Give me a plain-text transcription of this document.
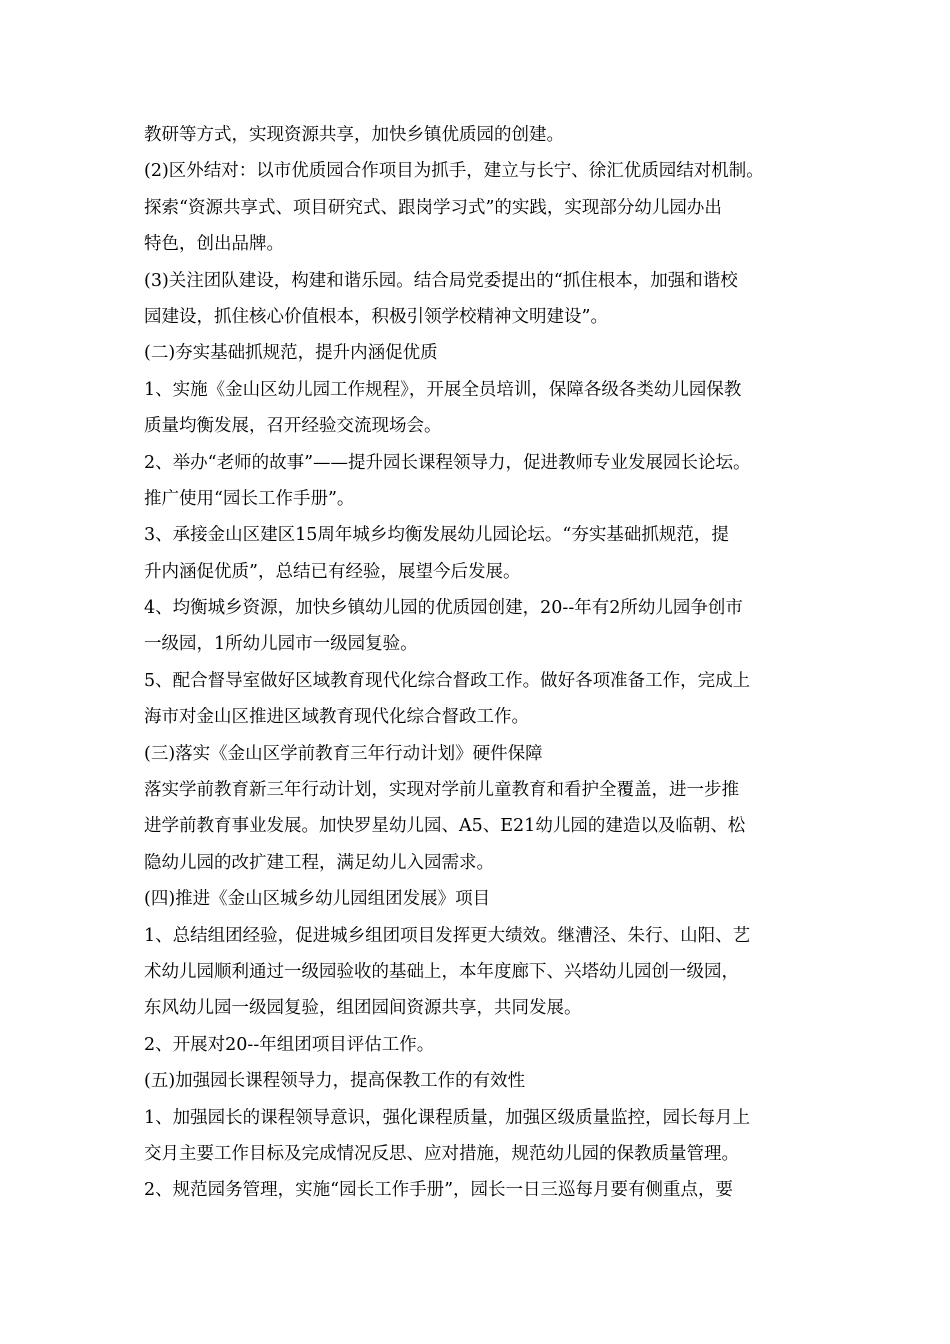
教研等方式，实现资源共享，加快乡镇优质园的创建。
(2)区外结对：以市优质园合作项目为抓手，建立与长宁、徐汇优质园结对机制。
探索“资源共享式、项目研究式、跟岗学习式”的实践，实现部分幼儿园办出
特色，创出品牌。
(3)关注团队建设，构建和谐乐园。结合局党委提出的“抓住根本，加强和谐校
园建设，抓住核心价值根本，积极引领学校精神文明建设”。
(二)夯实基础抓规范，提升内涵促优质
1、实施《金山区幼儿园工作规程》，开展全员培训，保障各级各类幼儿园保教
质量均衡发展，召开经验交流现场会。
2、举办“老师的故事”——提升园长课程领导力，促进教师专业发展园长论坛。
推广使用“园长工作手册”。
3、承接金山区建区15周年城乡均衡发展幼儿园论坛。“夯实基础抓规范，提
升内涵促优质”，总结已有经验，展望今后发展。
4、均衡城乡资源，加快乡镇幼儿园的优质园创建，20--年有2所幼儿园争创市
一级园，1所幼儿园市一级园复验。
5、配合督导室做好区域教育现代化综合督政工作。做好各项准备工作，完成上
海市对金山区推进区域教育现代化综合督政工作。
(三)落实《金山区学前教育三年行动计划》硬件保障
落实学前教育新三年行动计划，实现对学前儿童教育和看护全覆盖，进一步推
进学前教育事业发展。加快罗星幼儿园、A5、E21幼儿园的建造以及临朝、松
隐幼儿园的改扩建工程，满足幼儿入园需求。
(四)推进《金山区城乡幼儿园组团发展》项目
1、总结组团经验，促进城乡组团项目发挥更大绩效。继漕泾、朱行、山阳、艺
术幼儿园顺利通过一级园验收的基础上，本年度廊下、兴塔幼儿园创一级园，
东风幼儿园一级园复验，组团园间资源共享，共同发展。
2、开展对20--年组团项目评估工作。
(五)加强园长课程领导力，提高保教工作的有效性
1、加强园长的课程领导意识，强化课程质量，加强区级质量监控，园长每月上
交月主要工作目标及完成情况反思、应对措施，规范幼儿园的保教质量管理。
2、规范园务管理，实施“园长工作手册”，园长一日三巡每月要有侧重点，要
